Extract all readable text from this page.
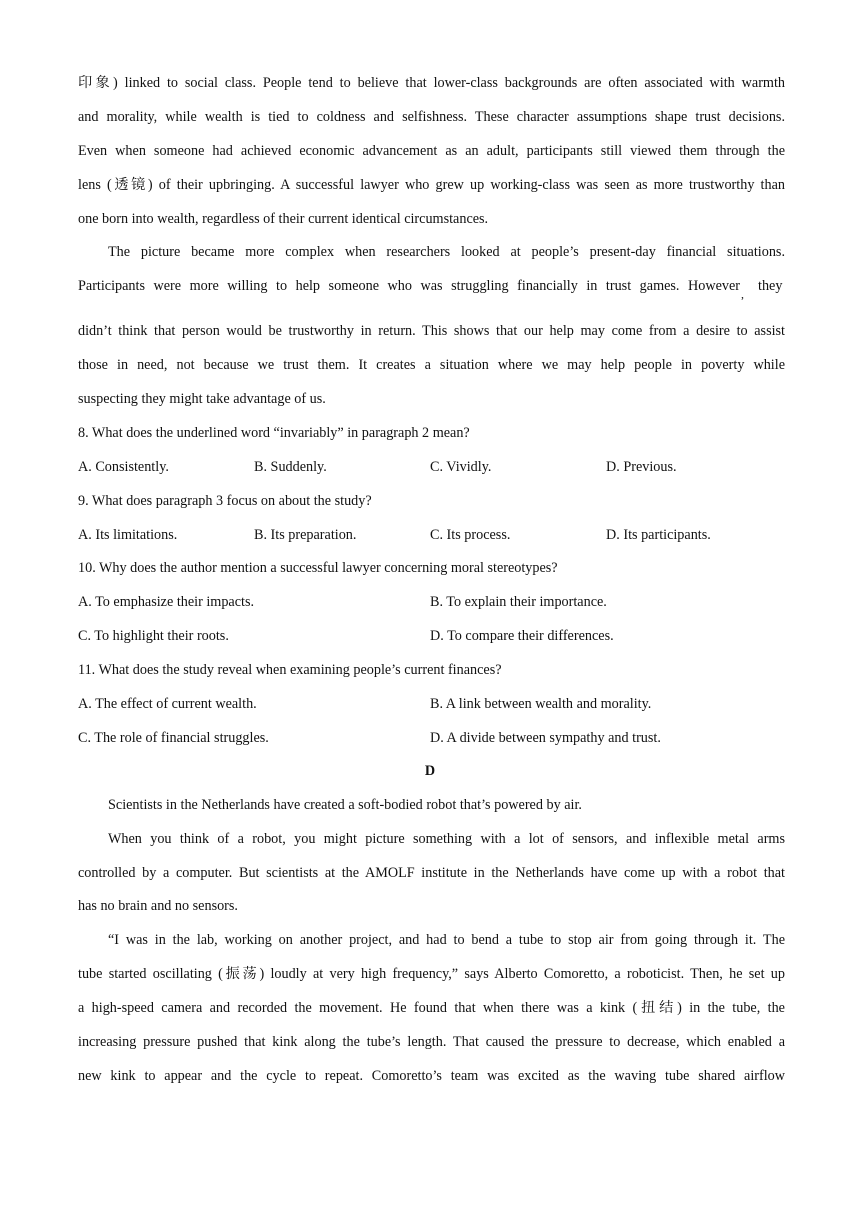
印象) linked to social class. People tend to believe that lower-class backgrounds are often associated with warmth
and morality, while wealth is tied to coldness and selfishness. These character assumptions shape trust decisions.
Even when someone had achieved economic advancement as an adult, participants still viewed them through the
lens (透镜) of their upbringing. A successful lawyer who grew up working-class was seen as more trustworthy than
one born into wealth, regardless of their current identical circumstances.
The picture became more complex when researchers looked at people’s present-day financial situations.
Participants were more willing to help someone who was struggling financially in trust games. However , they
didn’t think that person would be trustworthy in return. This shows that our help may come from a desire to assist
those in need, not because we trust them. It creates a situation where we may help people in poverty while
suspecting they might take advantage of us.
8. What does the underlined word “invariably” in paragraph 2 mean?
A. Consistently.	B. Suddenly.	C. Vividly.	D. Previous.
9. What does paragraph 3 focus on about the study?
A. Its limitations.	B. Its preparation.	C. Its process.	D. Its participants.
10. Why does the author mention a successful lawyer concerning moral stereotypes?
A. To emphasize their impacts.	B. To explain their importance.
C. To highlight their roots.	D. To compare their differences.
11. What does the study reveal when examining people’s current finances?
A. The effect of current wealth.	B. A link between wealth and morality.
C. The role of financial struggles.	D. A divide between sympathy and trust.
D
Scientists in the Netherlands have created a soft-bodied robot that’s powered by air.
When you think of a robot, you might picture something with a lot of sensors, and inflexible metal arms
controlled by a computer. But scientists at the AMOLF institute in the Netherlands have come up with a robot that
has no brain and no sensors.
“I was in the lab, working on another project, and had to bend a tube to stop air from going through it. The
tube started oscillating (振荡) loudly at very high frequency,” says Alberto Comoretto, a roboticist. Then, he set up
a high-speed camera and recorded the movement. He found that when there was a kink (扭结) in the tube, the
increasing pressure pushed that kink along the tube’s length. That caused the pressure to decrease, which enabled a
new kink to appear and the cycle to repeat. Comoretto’s team was excited as the waving tube shared airflow
